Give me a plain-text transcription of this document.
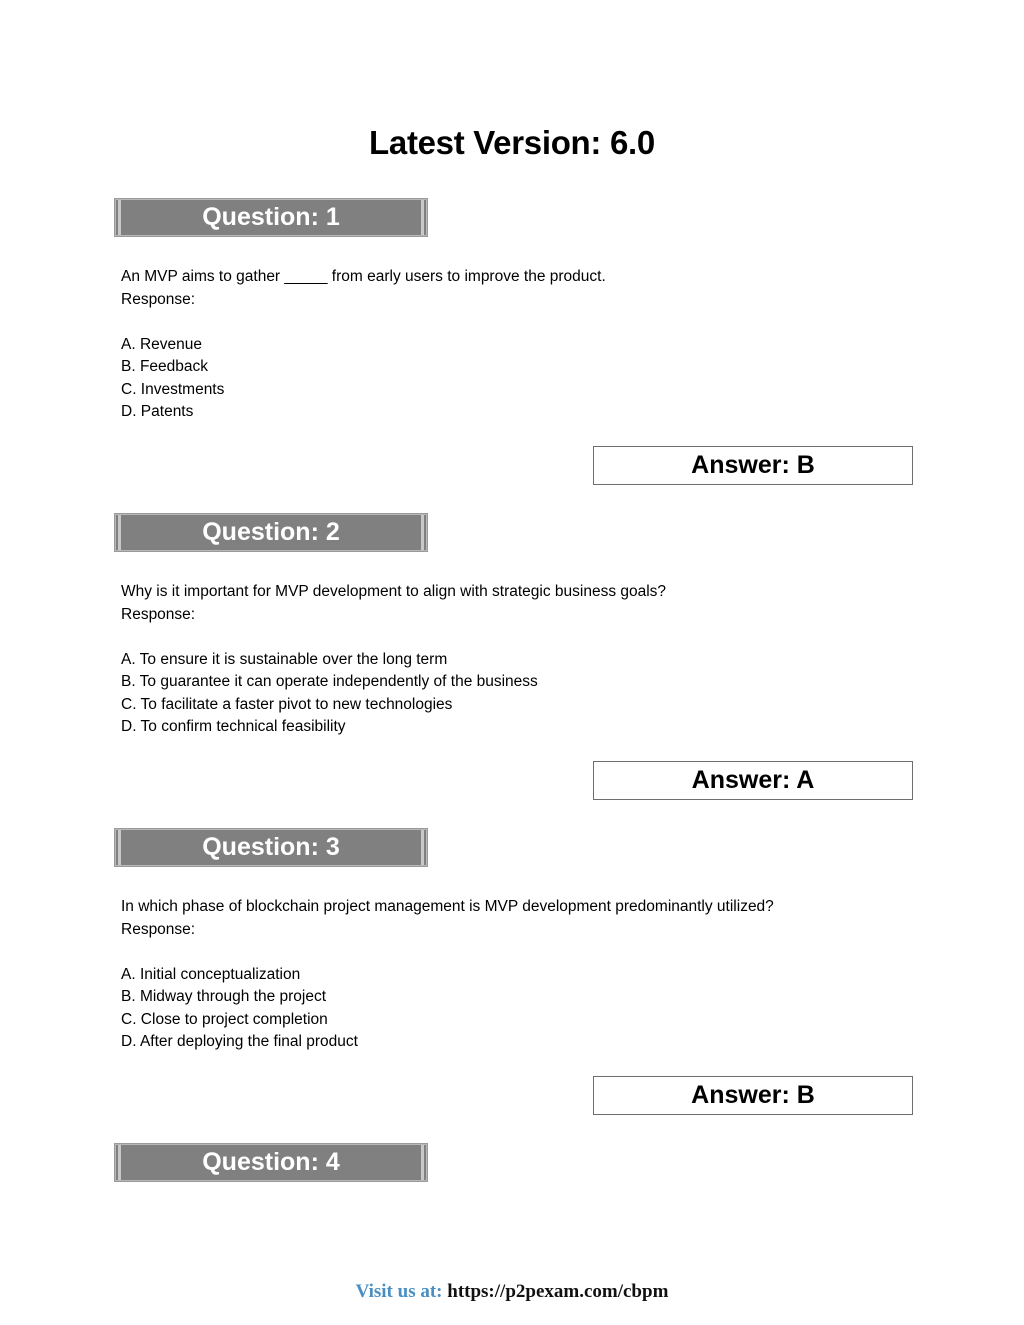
Latest Version: 6.0
Question: 1
An MVP aims to gather _____ from early users to improve the product.
Response:
A. Revenue
B. Feedback
C. Investments
D. Patents
Answer: B
Question: 2
Why is it important for MVP development to align with strategic business goals?
Response:
A. To ensure it is sustainable over the long term
B. To guarantee it can operate independently of the business
C. To facilitate a faster pivot to new technologies
D. To confirm technical feasibility
Answer: A
Question: 3
In which phase of blockchain project management is MVP development predominantly utilized?
Response:
A. Initial conceptualization
B. Midway through the project
C. Close to project completion
D. After deploying the final product
Answer: B
Question: 4
Visit us at: https://p2pexam.com/cbpm
